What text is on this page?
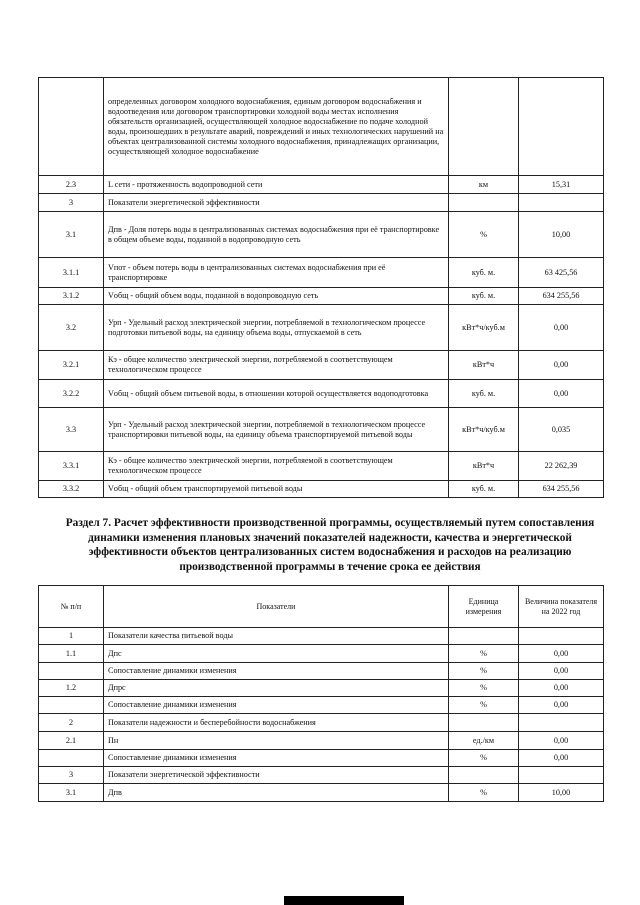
	определенных договором холодного водоснабжения, единым договором водоснабжения и водоотведения или договором транспортировки холодной воды местах исполнения обязательств организацией, осуществляющей холодное водоснабжение по подаче холодной воды, произошедших в результате аварий, повреждений и иных технологических нарушений на объектах централизованной системы холодного водоснабжения, принадлежащих организации, осуществляющей холодное водоснабжение		
2.3	L сети - протяженность водопроводной сети	км	15,31
3	Показатели энергетической эффективности		
3.1	Дпв - Доля потерь воды в централизованных системах водоснабжения при её транспортировке в общем объеме воды, поданной в водопроводную сеть	%	10,00
3.1.1	Vпот - объем потерь воды в централизованных системах водоснабжения при её транспортировке	куб. м.	63 425,56
3.1.2	Vобщ - общий объем воды, поданной в водопроводную сеть	куб. м.	634 255,56
3.2	Урп - Удельный расход электрической энергии, потребляемой в технологическом процессе подготовки питьевой воды, на единицу объема воды, отпускаемой в сеть	кВт*ч/куб.м	0,00
3.2.1	Кэ - общее количество электрической энергии, потребляемой в соответствующем технологическом процессе	кВт*ч	0,00
3.2.2	Vобщ - общий объем питьевой воды, в отношении которой осуществляется водоподготовка	куб. м.	0,00
3.3	Урп - Удельный расход электрической энергии, потребляемой в технологическом процессе транспортировки питьевой воды, на единицу объема транспортируемой питьевой воды	кВт*ч/куб.м	0,035
3.3.1	Кэ - общее количество электрической энергии, потребляемой в соответствующем технологическом процессе	кВт*ч	22 262,39
3.3.2	Vобщ - общий объем транспортируемой питьевой воды	куб. м.	634 255,56
Раздел 7. Расчет эффективности производственной программы, осуществляемый путем сопоставления динамики изменения плановых значений показателей надежности, качества и энергетической эффективности объектов централизованных систем водоснабжения и расходов на реализацию производственной программы в течение срока ее действия
№ п/п	Показатели	Единица измерения	Величина показателя на 2022 год
1	Показатели качества питьевой воды		
1.1	Дпс	%	0,00
	Сопоставление динамики изменения	%	0,00
1.2	Дпрс	%	0,00
	Сопоставление динамики изменения	%	0,00
2	Показатели надежности и бесперебойности водоснабжения		
2.1	Пн	ед./км	0,00
	Сопоставление динамики изменения	%	0,00
3	Показатели энергетической эффективности		
3.1	Дпв	%	10,00
